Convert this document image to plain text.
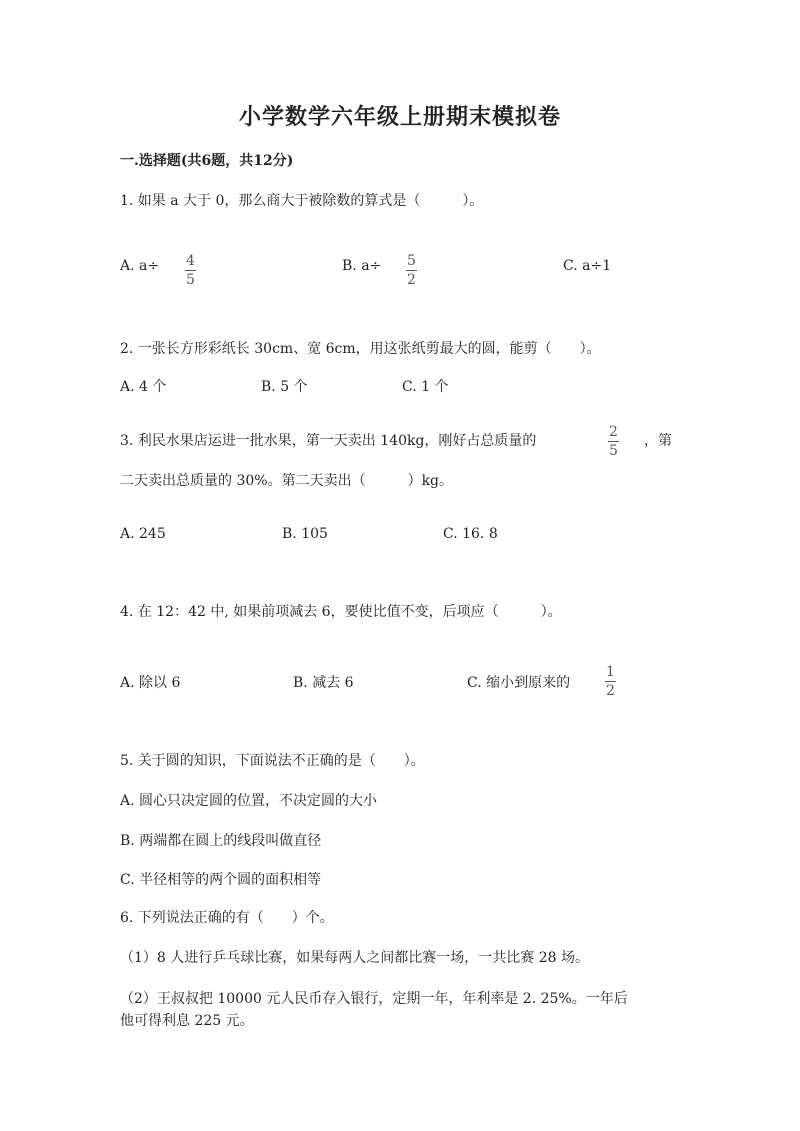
小学数学六年级上册期末模拟卷
一.选择题(共6题，共12分)
1. 如果 a 大于 0，那么商大于被除数的算式是（　　　）。
A. a÷ 4
5
B. a÷ 5
2
C. a÷1
2. 一张长方形彩纸长 30cm、宽 6cm，用这张纸剪最大的圆，能剪（　　）。
A. 4 个	B. 5 个	C. 1 个
3. 利民水果店运进一批水果，第一天卖出 140kg，刚好占总质量的
2
5
，第
二天卖出总质量的 30%。第二天卖出（　　　）kg。
A. 245	B. 105	C. 16. 8
4. 在 12：42 中, 如果前项减去 6，要使比值不变，后项应（　　　）。
A. 除以 6	B. 减去 6	C. 缩小到原来的
1
2
5. 关于圆的知识，下面说法不正确的是（　　）。
A. 圆心只决定圆的位置，不决定圆的大小
B. 两端都在圆上的线段叫做直径
C. 半径相等的两个圆的面积相等
6. 下列说法正确的有（　　）个。
（1）8 人进行乒乓球比赛，如果每两人之间都比赛一场，一共比赛 28 场。
（2）王叔叔把 10000 元人民币存入银行，定期一年，年利率是 2. 25%。一年后
他可得利息 225 元。
